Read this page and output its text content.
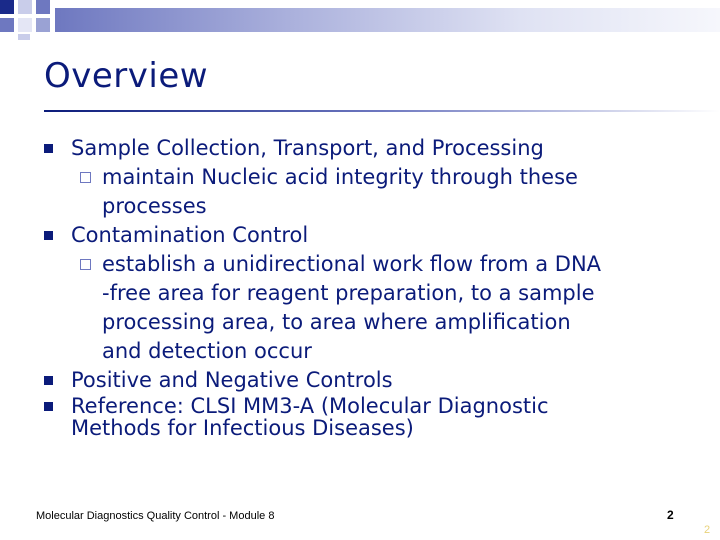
Overview
Sample Collection, Transport, and Processing
maintain Nucleic acid integrity through these
processes
Contamination Control
establish a unidirectional work flow from a DNA
-free area for reagent preparation, to a sample
processing area, to area where amplification
and detection occur
Positive and Negative Controls
Reference: CLSI MM3-A (Molecular Diagnostic
Methods for Infectious Diseases)
Molecular Diagnostics Quality Control - Module 8	2
2
